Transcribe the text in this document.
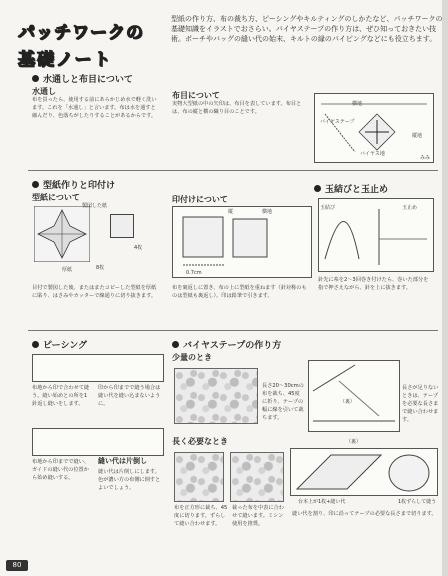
パッチワークの
基礎ノート
型紙の作り方、布の裁ち方、ピーシングやキルティングのしかたなど、パッチワークの基礎知識をイラストでおさらい。バイヤステープの作り方は、ぜひ知っておきたい技術。ポーチやバッグの縫い代の始末、キルトの縁のパイピングなどにも役立ちます。
水通しと布目について
水通し
布を買ったら、使用する前にあらかじめ水で軽く洗います。これを「水通し」と言います。布は水を通すと縮んだり、色落ちがしたりすることがあるからです。
布目について
実物大型紙の中の矢印は、布目を表しています。布目とは、布の縦と横の織り目のことです。
横地
縦地
バイヤス地
バイヤステープ
みみ
型紙作りと印付け
型紙について
製図した紙
厚紙
4枚
8枚
目付で製図した後、またはまたコピーした型紙を厚紙に貼り、はさみやカッターで線通りに切り抜きます。
印付けについて
縦	横地
0.7cm
布を裏返しに置き、布の上に型紙を重ねます（針対称のものは型紙も裏返し）。印は鉛筆で引きます。
玉結びと玉止め
玉結び	玉止め
針先に糸を2～3回巻き付けたら、巻いた部分を指で押さえながら、針を上に抜きます。
ピーシング
布地から印で合わせて縫う。縫い始めとの所を1針返し縫いをします。
印から印までで縫う場合は縫い代を縫い込まないように。
布地から印までで縫い、ガイドの縫い代の位置から始め縫いする。
縫い代は片倒し
縫い代は片倒しにします。色が濃い方の布側に倒すとよいでしょう。
バイヤステープの作り方
少量のとき
長さ20～30cmの布を裁ち、45度に折り、テープの幅に線を引いて裁ちます。
（裏）
長さが足りないときは、テープを必要な長さまで縫い合わせます。
（裏）
長く必要なとき
布を正方形に裁ち、45度に切ります。ずらして縫い合わせます。
裁った布を中表に合わせて縫います。ミシン使用を推奨。
台本上が1枚+縫い代	1枚ずらして縫う
縫い代を割り、印に沿ってテープの必要な長さまで切ります。
80
